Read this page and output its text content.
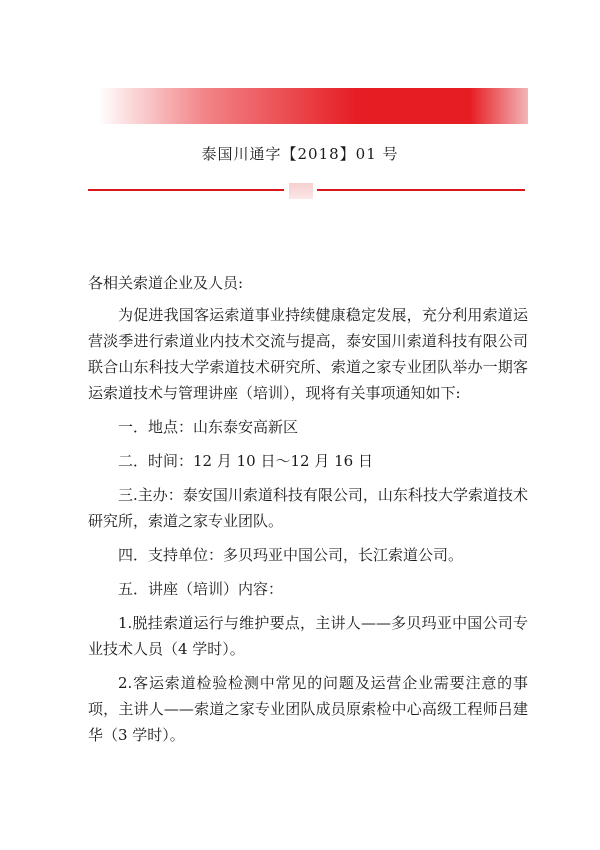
泰国川通字【2018】01 号

各相关索道企业及人员:

为促进我国客运索道事业持续健康稳定发展，充分利用索道运营淡季进行索道业内技术交流与提高，泰安国川索道科技有限公司联合山东科技大学索道技术研究所、索道之家专业团队举办一期客运索道技术与管理讲座（培训），现将有关事项通知如下:

一．地点：山东泰安高新区

二．时间：12 月 10 日～12 月 16 日

三.主办：泰安国川索道科技有限公司，山东科技大学索道技术研究所，索道之家专业团队。

四．支持单位：多贝玛亚中国公司，长江索道公司。

五．讲座（培训）内容：

1.脱挂索道运行与维护要点，主讲人——多贝玛亚中国公司专业技术人员（4 学时）。

2.客运索道检验检测中常见的问题及运营企业需要注意的事项，主讲人——索道之家专业团队成员原索检中心高级工程师吕建华（3 学时）。
